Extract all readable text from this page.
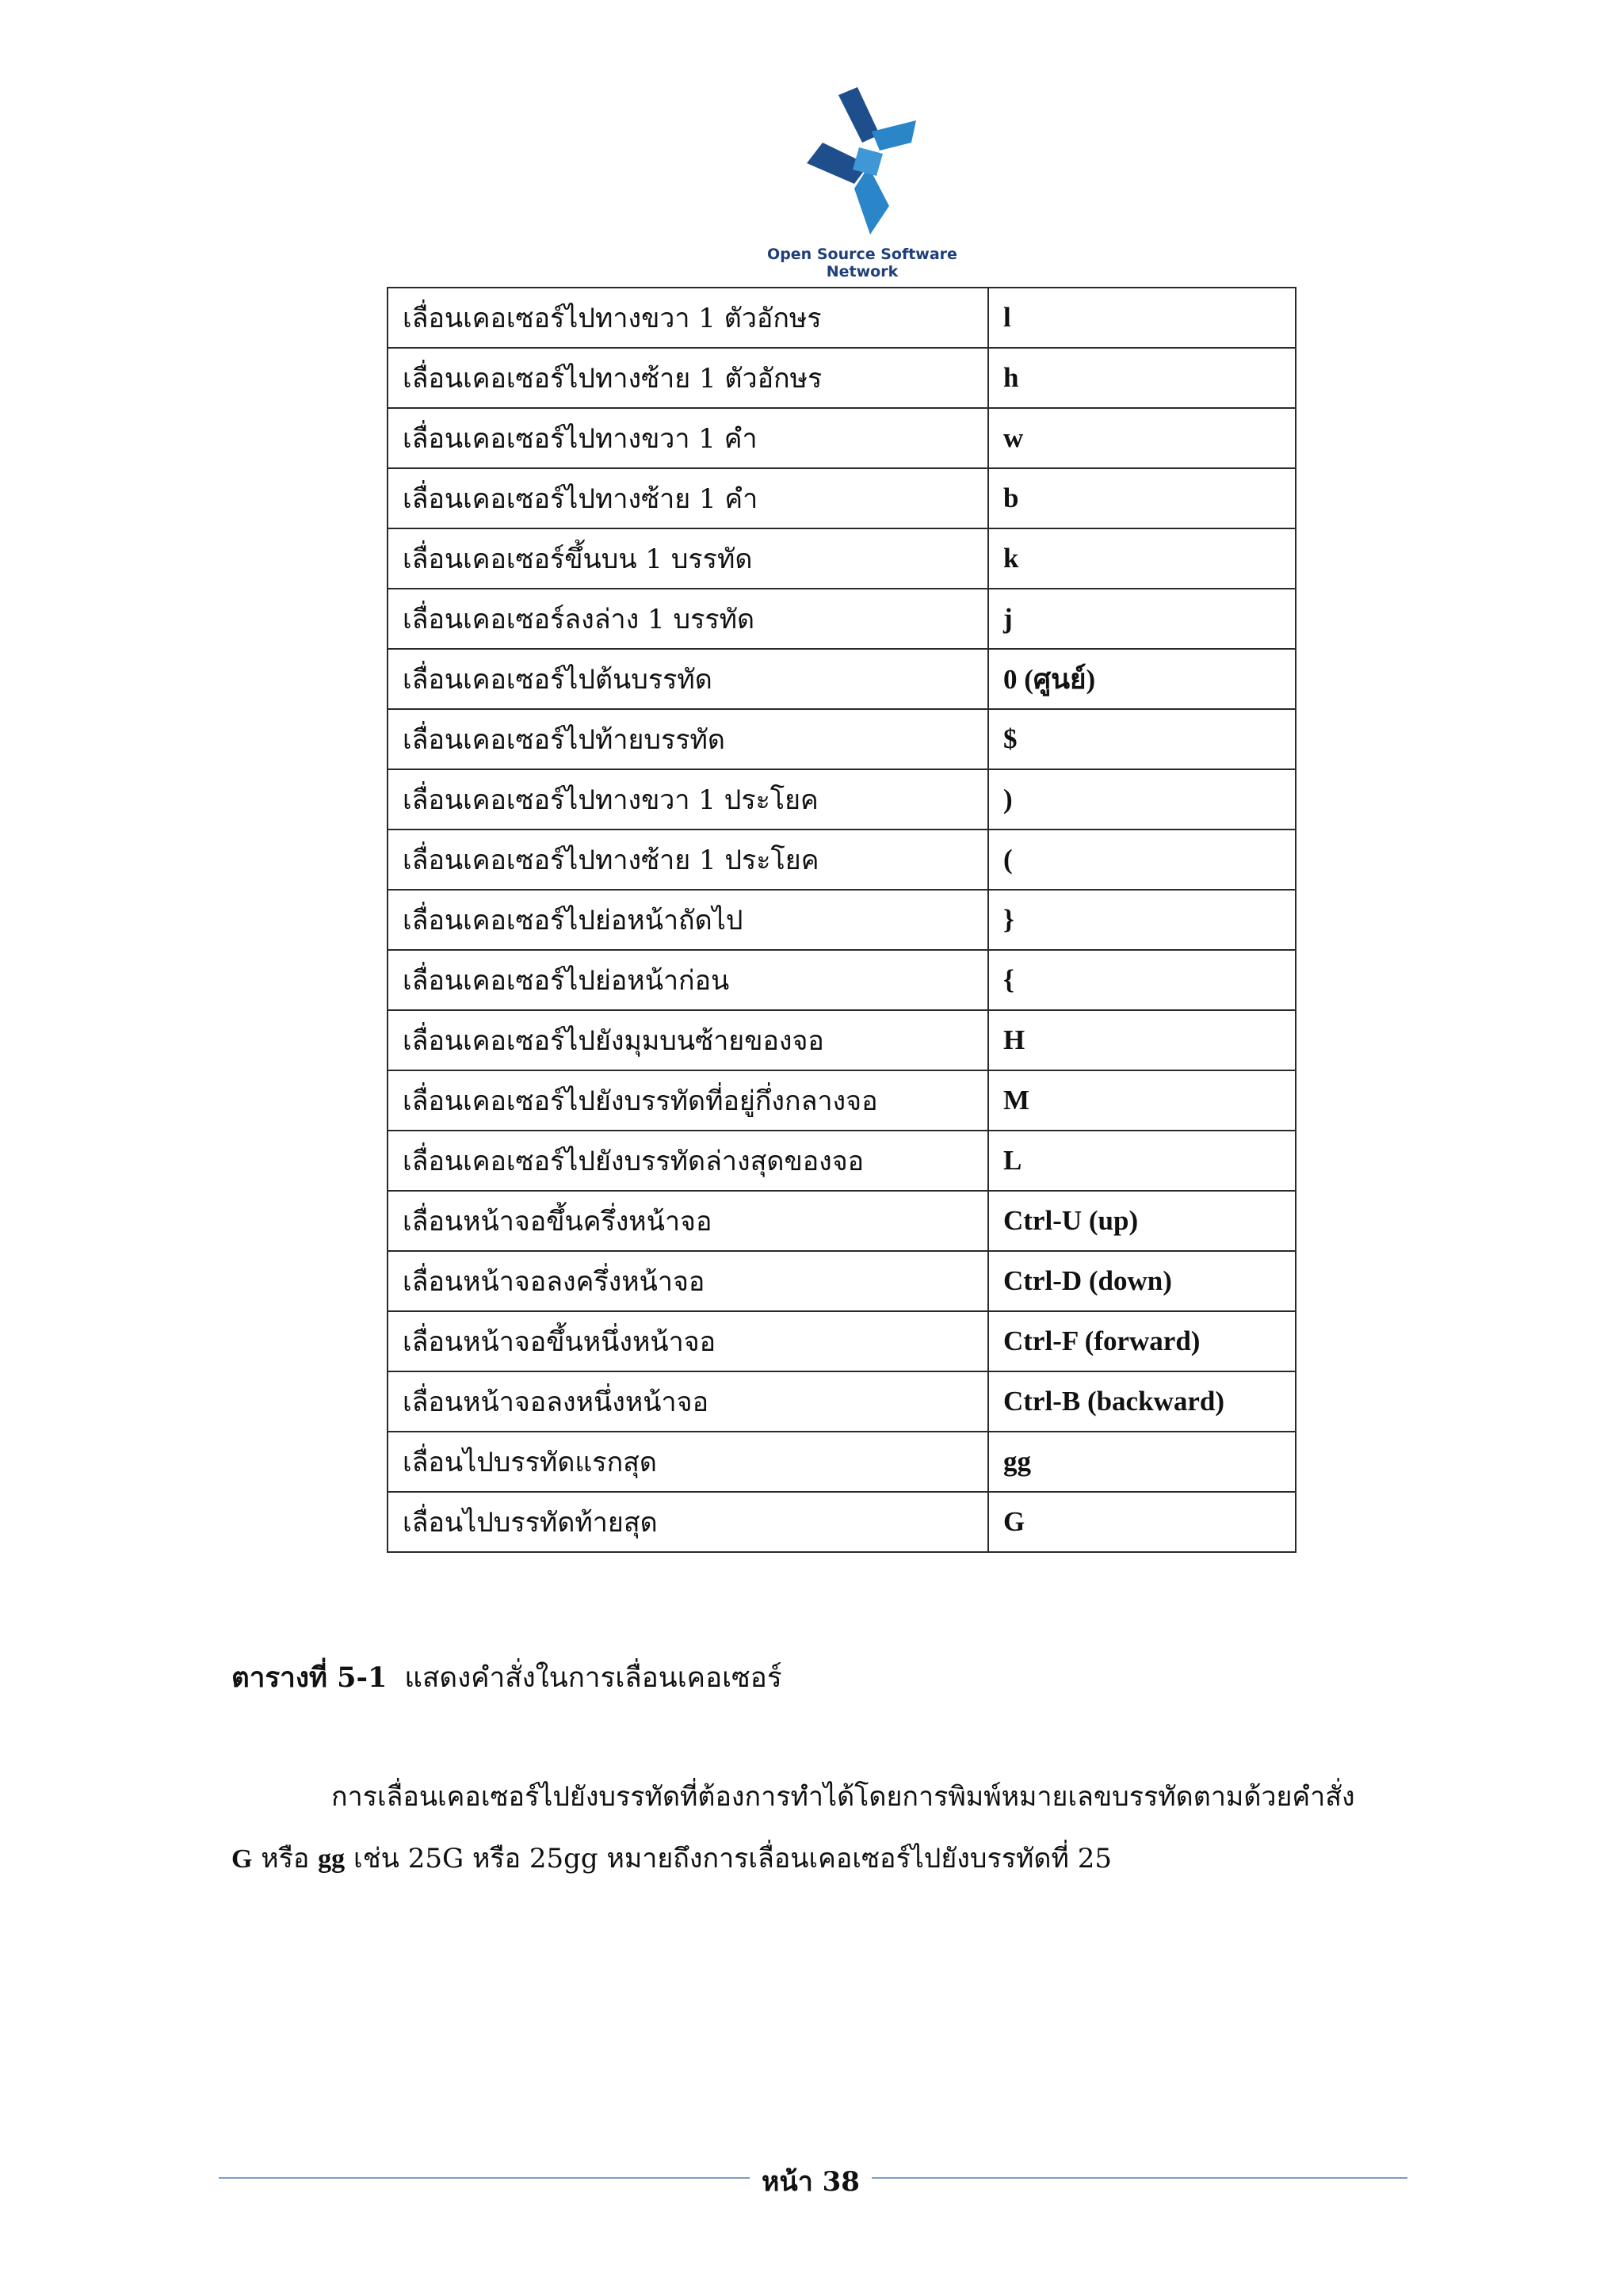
Open Source Software Network
เลื่อนเคอเซอร์ไปทางขวา 1 ตัวอักษร	l
เลื่อนเคอเซอร์ไปทางซ้าย 1 ตัวอักษร	h
เลื่อนเคอเซอร์ไปทางขวา 1 คำ	w
เลื่อนเคอเซอร์ไปทางซ้าย 1 คำ	b
เลื่อนเคอเซอร์ขึ้นบน 1 บรรทัด	k
เลื่อนเคอเซอร์ลงล่าง 1 บรรทัด	j
เลื่อนเคอเซอร์ไปต้นบรรทัด	0 (ศูนย์)
เลื่อนเคอเซอร์ไปท้ายบรรทัด	$
เลื่อนเคอเซอร์ไปทางขวา 1 ประโยค	)
เลื่อนเคอเซอร์ไปทางซ้าย 1 ประโยค	(
เลื่อนเคอเซอร์ไปย่อหน้าถัดไป	}
เลื่อนเคอเซอร์ไปย่อหน้าก่อน	{
เลื่อนเคอเซอร์ไปยังมุมบนซ้ายของจอ	H
เลื่อนเคอเซอร์ไปยังบรรทัดที่อยู่กึ่งกลางจอ	M
เลื่อนเคอเซอร์ไปยังบรรทัดล่างสุดของจอ	L
เลื่อนหน้าจอขึ้นครึ่งหน้าจอ	Ctrl-U (up)
เลื่อนหน้าจอลงครึ่งหน้าจอ	Ctrl-D (down)
เลื่อนหน้าจอขึ้นหนึ่งหน้าจอ	Ctrl-F (forward)
เลื่อนหน้าจอลงหนึ่งหน้าจอ	Ctrl-B (backward)
เลื่อนไปบรรทัดแรกสุด	gg
เลื่อนไปบรรทัดท้ายสุด	G
ตารางที่ 5-1 แสดงคำสั่งในการเลื่อนเคอเซอร์
การเลื่อนเคอเซอร์ไปยังบรรทัดที่ต้องการทำได้โดยการพิมพ์หมายเลขบรรทัดตามด้วยคำสั่ง
G หรือ gg เช่น 25G หรือ 25gg หมายถึงการเลื่อนเคอเซอร์ไปยังบรรทัดที่ 25
หน้า 38
